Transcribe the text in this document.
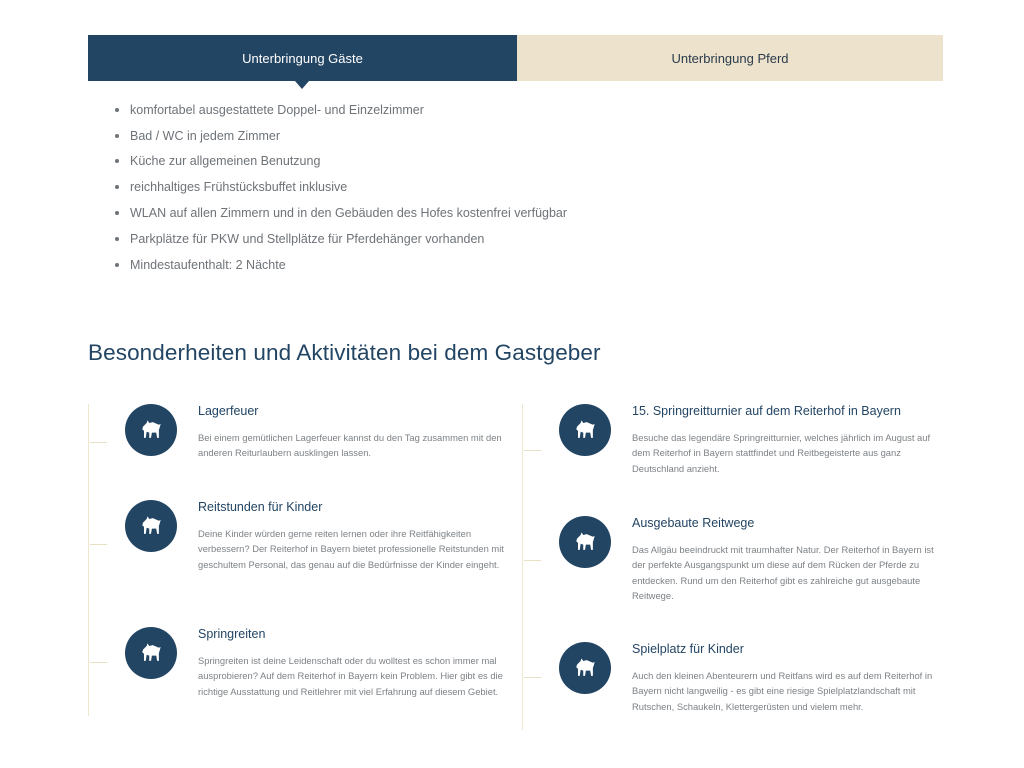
Unterbringung Gäste	Unterbringung Pferd
komfortabel ausgestattete Doppel- und Einzelzimmer
Bad / WC in jedem Zimmer
Küche zur allgemeinen Benutzung
reichhaltiges Frühstücksbuffet inklusive
WLAN auf allen Zimmern und in den Gebäuden des Hofes kostenfrei verfügbar
Parkplätze für PKW und Stellplätze für Pferdehänger vorhanden
Mindestaufenthalt: 2 Nächte
Besonderheiten und Aktivitäten bei dem Gastgeber
Lagerfeuer
Bei einem gemütlichen Lagerfeuer kannst du den Tag zusammen mit den anderen Reiturlaubern ausklingen lassen.
Reitstunden für Kinder
Deine Kinder würden gerne reiten lernen oder ihre Reitfähigkeiten verbessern? Der Reiterhof in Bayern bietet professionelle Reitstunden mit geschultem Personal, das genau auf die Bedürfnisse der Kinder eingeht.
Springreiten
Springreiten ist deine Leidenschaft oder du wolltest es schon immer mal ausprobieren? Auf dem Reiterhof in Bayern kein Problem. Hier gibt es die richtige Ausstattung und Reitlehrer mit viel Erfahrung auf diesem Gebiet.
15. Springreitturnier auf dem Reiterhof in Bayern
Besuche das legendäre Springreitturnier, welches jährlich im August auf dem Reiterhof in Bayern stattfindet und Reitbegeisterte aus ganz Deutschland anzieht.
Ausgebaute Reitwege
Das Allgäu beeindruckt mit traumhafter Natur. Der Reiterhof in Bayern ist der perfekte Ausgangspunkt um diese auf dem Rücken der Pferde zu entdecken. Rund um den Reiterhof gibt es zahlreiche gut ausgebaute Reitwege.
Spielplatz für Kinder
Auch den kleinen Abenteurern und Reitfans wird es auf dem Reiterhof in Bayern nicht langweilig - es gibt eine riesige Spielplatzlandschaft mit Rutschen, Schaukeln, Klettergerüsten und vielem mehr.
